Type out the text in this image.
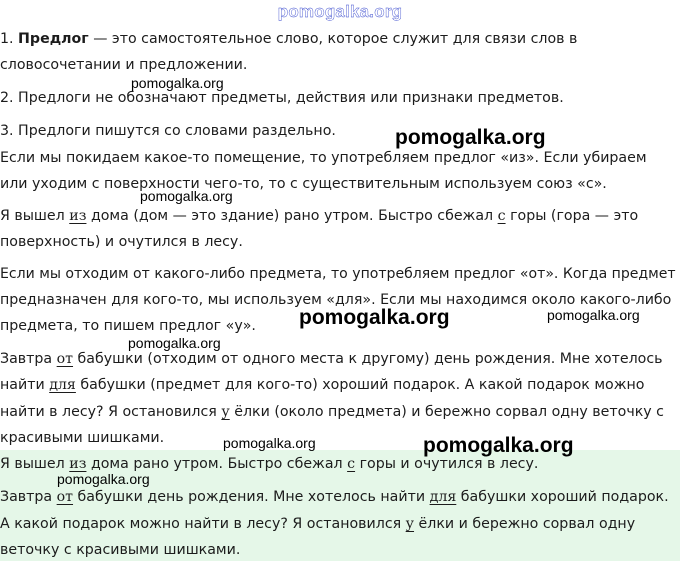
pomogalka.org
1. Предлог — это самостоятельное слово, которое служит для связи слов в
словосочетании и предложении.
2. Предлоги не обозначают предметы, действия или признаки предметов.
3. Предлоги пишутся со словами раздельно.
Если мы покидаем какое-то помещение, то употребляем предлог «из». Если убираем
или уходим с поверхности чего-то, то с существительным используем союз «с».
Я вышел из дома (дом — это здание) рано утром. Быстро сбежал с горы (гора — это
поверхность) и очутился в лесу.
Если мы отходим от какого-либо предмета, то употребляем предлог «от». Когда предмет
предназначен для кого-то, мы используем «для». Если мы находимся около какого-либо
предмета, то пишем предлог «у».
Завтра от бабушки (отходим от одного места к другому) день рождения. Мне хотелось
найти для бабушки (предмет для кого-то) хороший подарок. А какой подарок можно
найти в лесу? Я остановился у ёлки (около предмета) и бережно сорвал одну веточку с
красивыми шишками.
Я вышел из дома рано утром. Быстро сбежал с горы и очутился в лесу.
Завтра от бабушки день рождения. Мне хотелось найти для бабушки хороший подарок.
А какой подарок можно найти в лесу? Я остановился у ёлки и бережно сорвал одну
веточку с красивыми шишками.
pomogalka.org
pomogalka.org
pomogalka.org
pomogalka.org	pomogalka.org
pomogalka.org
pomogalka.org	pomogalka.org
pomogalka.org
